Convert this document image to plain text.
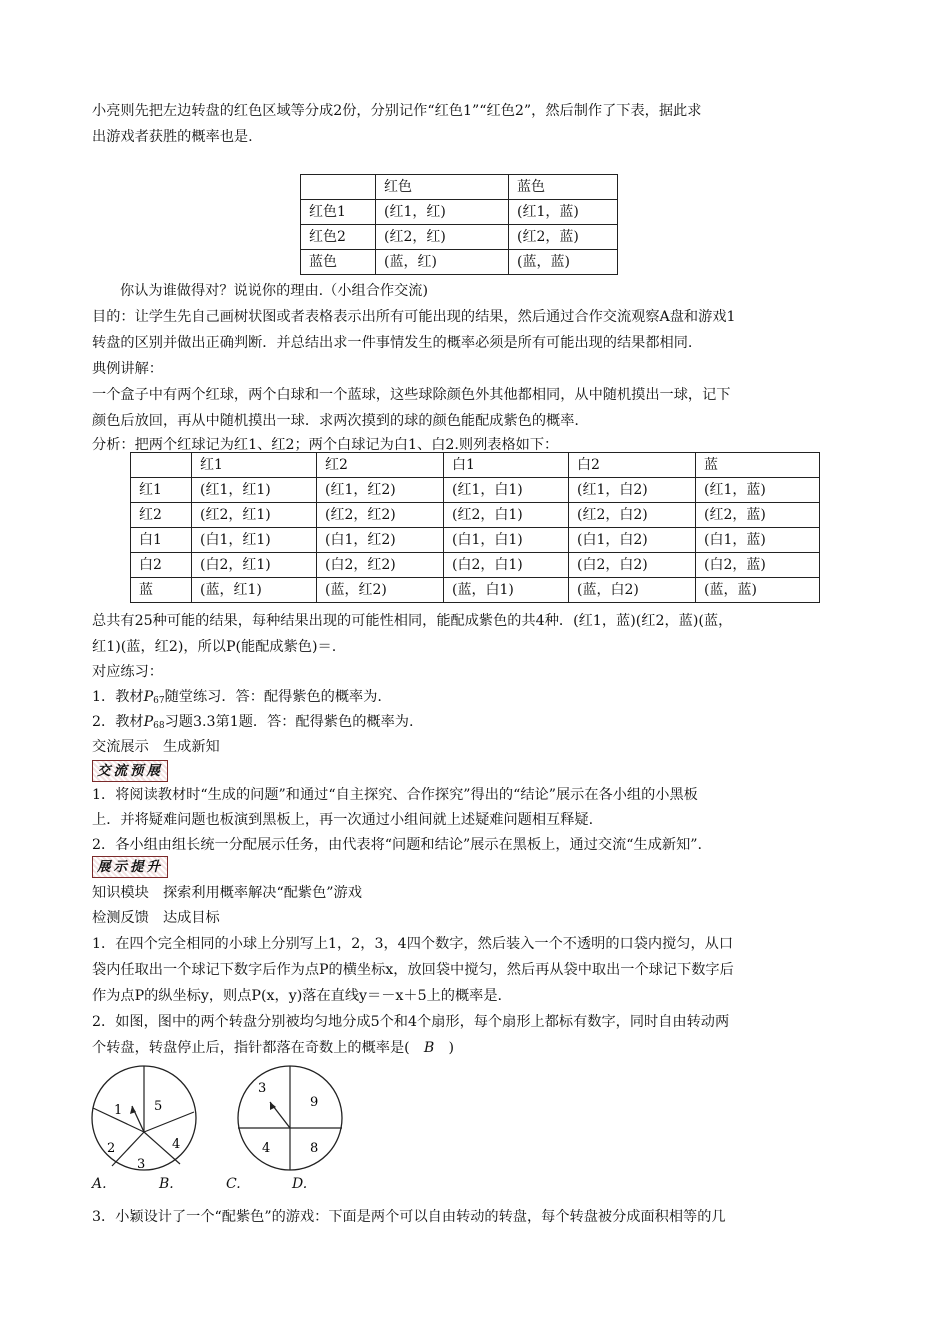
小亮则先把左边转盘的红色区域等分成2份，分别记作“红色1”“红色2”，然后制作了下表，据此求
出游戏者获胜的概率也是.
	红色	蓝色
红色1	(红1，红)	(红1，蓝)
红色2	(红2，红)	(红2，蓝)
蓝色	(蓝，红)	(蓝，蓝)
你认为谁做得对？说说你的理由.（小组合作交流)
目的：让学生先自己画树状图或者表格表示出所有可能出现的结果，然后通过合作交流观察A盘和游戏1
转盘的区别并做出正确判断．并总结出求一件事情发生的概率必须是所有可能出现的结果都相同.
典例讲解：
一个盒子中有两个红球，两个白球和一个蓝球，这些球除颜色外其他都相同，从中随机摸出一球，记下
颜色后放回，再从中随机摸出一球．求两次摸到的球的颜色能配成紫色的概率.
分析：把两个红球记为红1、红2；两个白球记为白1、白2.则列表格如下：
	红1	红2	白1	白2	蓝
红1	(红1，红1)	(红1，红2)	(红1，白1)	(红1，白2)	(红1，蓝)
红2	(红2，红1)	(红2，红2)	(红2，白1)	(红2，白2)	(红2，蓝)
白1	(白1，红1)	(白1，红2)	(白1，白1)	(白1，白2)	(白1，蓝)
白2	(白2，红1)	(白2，红2)	(白2，白1)	(白2，白2)	(白2，蓝)
蓝	(蓝，红1)	(蓝，红2)	(蓝，白1)	(蓝，白2)	(蓝，蓝)
总共有25种可能的结果，每种结果出现的可能性相同，能配成紫色的共4种．(红1，蓝)(红2，蓝)(蓝，
红1)(蓝，红2)，所以P(能配成紫色)＝.
对应练习：
1．教材$P_{67}$随堂练习．答：配得紫色的概率为.
2．教材$P_{68}$习题3.3第1题．答：配得紫色的概率为.
交流展示　生成新知
交流预展
1．将阅读教材时“生成的问题”和通过“自主探究、合作探究”得出的“结论”展示在各小组的小黑板
上．并将疑难问题也板演到黑板上，再一次通过小组间就上述疑难问题相互释疑.
2．各小组由组长统一分配展示任务，由代表将“问题和结论”展示在黑板上，通过交流“生成新知”.
展示提升
知识模块　探索利用概率解决“配紫色”游戏
检测反馈　达成目标
1．在四个完全相同的小球上分别写上1，2，3，4四个数字，然后装入一个不透明的口袋内搅匀，从口
袋内任取出一个球记下数字后作为点P的横坐标x，放回袋中搅匀，然后再从袋中取出一个球记下数字后
作为点P的纵坐标y，则点P(x，y)落在直线y＝－x＋5上的概率是.
2．如图，图中的两个转盘分别被均匀地分成5个和4个扇形，每个扇形上都标有数字，同时自由转动两
个转盘，转盘停止后，指针都落在奇数上的概率是(　B　)
1 5
4
3
2
3
9
8
4
A.	B.	C.	D.
3．小颖设计了一个“配紫色”的游戏：下面是两个可以自由转动的转盘，每个转盘被分成面积相等的几
